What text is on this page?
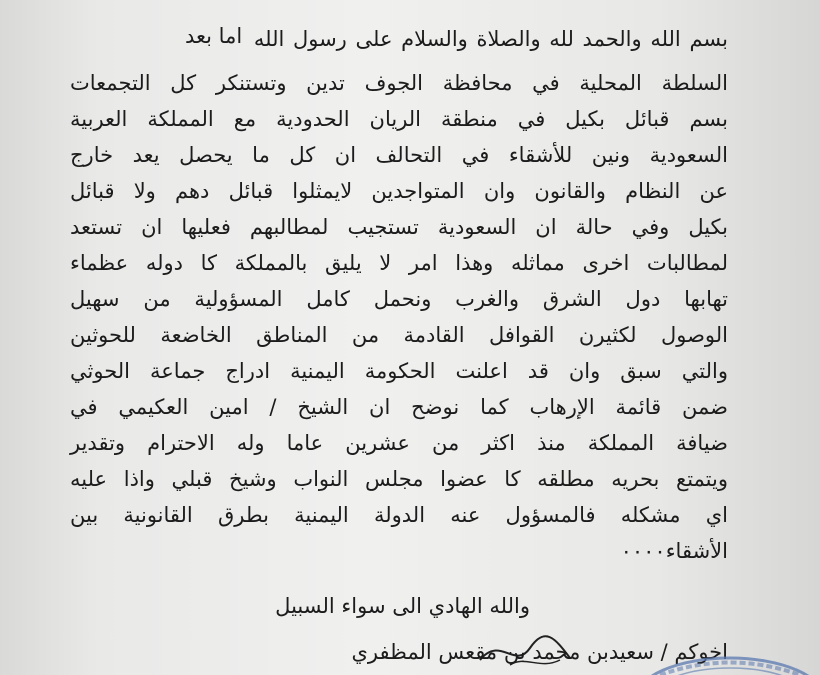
بسم الله والحمد لله والصلاة والسلام على رسول الله
اما بعد
السلطة المحلية في محافظة الجوف تدين وتستنكر كل التجمعات
بسم قبائل بكيل في منطقة الريان الحدودية مع المملكة العربية
السعودية ونين للأشقاء في التحالف ان كل ما يحصل يعد خارج
عن النظام والقانون وان المتواجدين لايمثلوا قبائل دهم ولا قبائل
بكيل وفي حالة ان السعودية تستجيب لمطالبهم فعليها ان تستعد
لمطالبات اخرى مماثله وهذا امر لا يليق بالمملكة كا دوله عظماء
تهابها دول الشرق والغرب ونحمل كامل المسؤولية من سهيل
الوصول لكثيرن القوافل القادمة من المناطق الخاضعة للحوثين
والتي سبق وان قد اعلنت الحكومة اليمنية ادراج جماعة الحوثي
ضمن قائمة الإرهاب كما نوضح ان الشيخ / امين العكيمي في
ضيافة المملكة منذ اكثر من عشرين عاما وله الاحترام وتقدير
ويتمتع بحريه مطلقه كا عضوا مجلس النواب وشيخ قبلي واذا عليه
اي مشكله فالمسؤول عنه الدولة اليمنية بطرق القانونية بين
الأشقاء٠٠٠٠
والله الهادي الى سواء السبيل
اخوكم / سعيدبن محمد بن مقعس المظفري
